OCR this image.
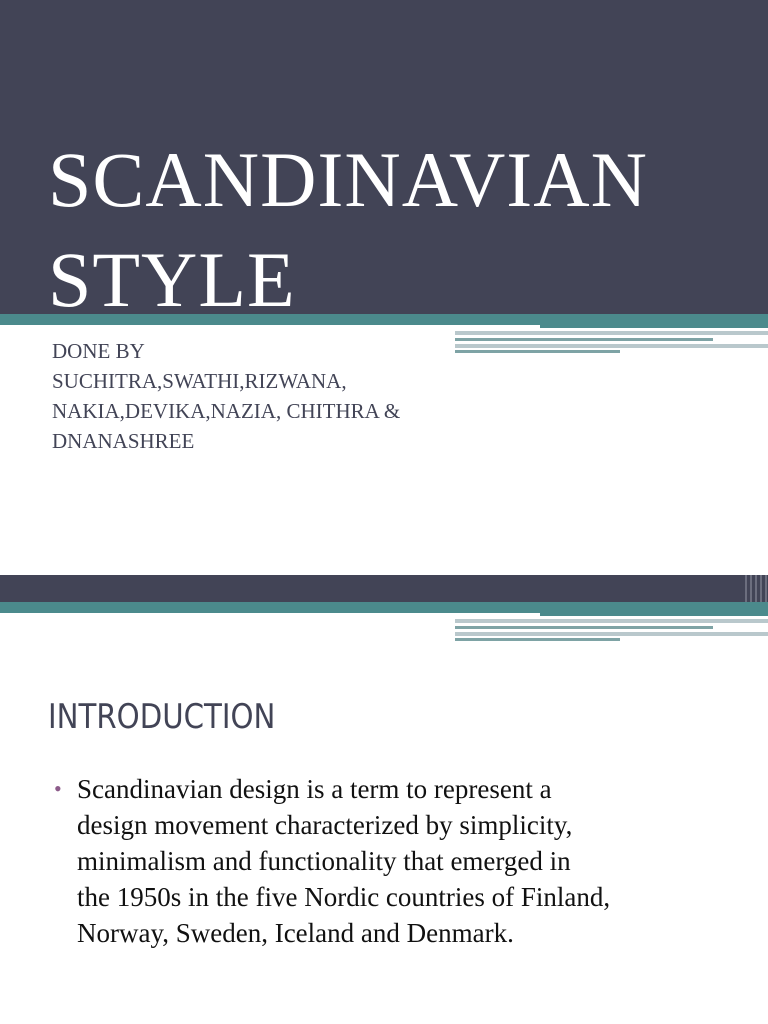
SCANDINAVIAN
STYLE
DONE BY
SUCHITRA,SWATHI,RIZWANA,
NAKIA,DEVIKA,NAZIA, CHITHRA &
DNANASHREE
INTRODUCTION
• Scandinavian design is a term to represent a
design movement characterized by simplicity,
minimalism and functionality that emerged in
the 1950s in the five Nordic countries of Finland,
Norway, Sweden, Iceland and Denmark.
